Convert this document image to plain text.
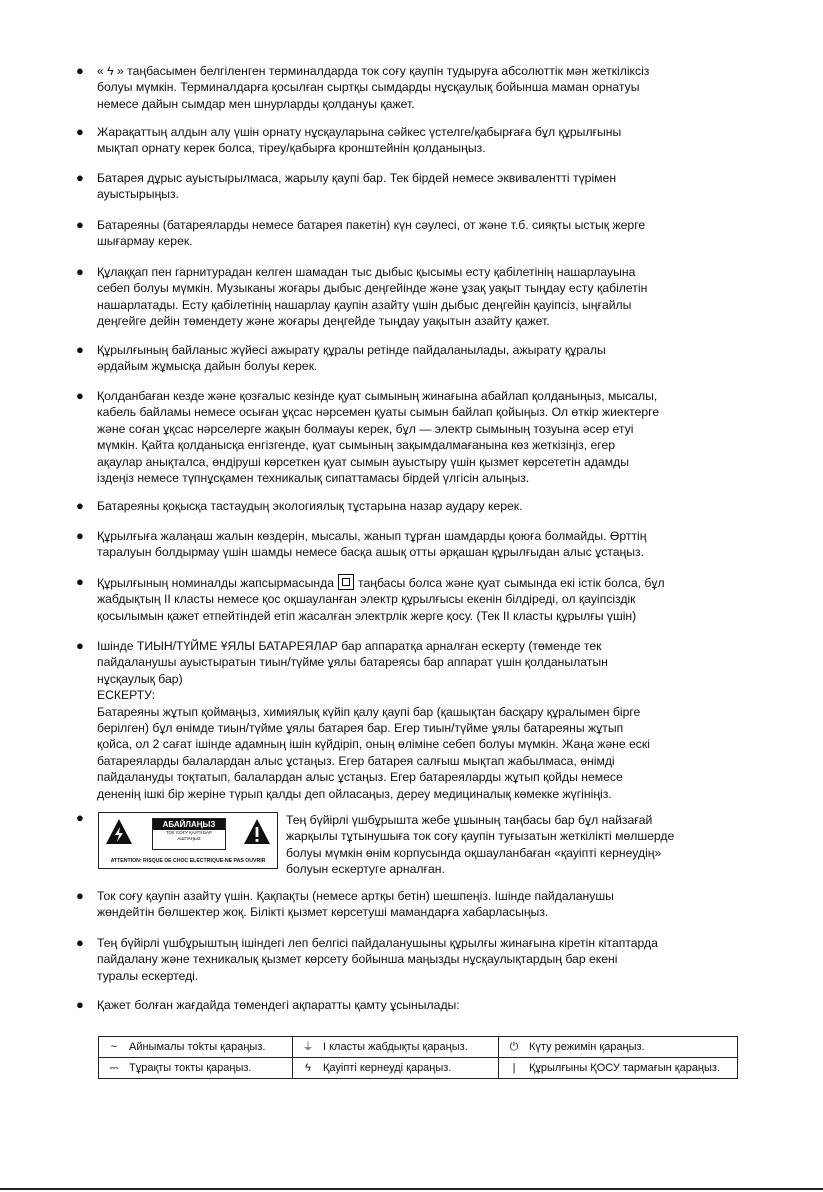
● « ϟ » таңбасымен белгіленген терминалдарда ток соғу қаупін тудыруға абсолюттік мән жеткіліксіз
болуы мүмкін. Терминалдарға қосылған сыртқы сымдарды нұсқаулық бойынша маман орнатуы
немесе дайын сымдар мен шнурларды қолдануы қажет.
● Жарақаттың алдын алу үшін орнату нұсқауларына сәйкес үстелге/қабырғаға бұл құрылғыны
мықтап орнату керек болса, тіреу/қабырға кронштейнін қолданыңыз.
● Батарея дұрыс ауыстырылмаса, жарылу қаупі бар. Тек бірдей немесе эквивалентті түрімен
ауыстырыңыз.
● Батареяны (батареяларды немесе батарея пакетін) күн сәулесі, от және т.б. сияқты ыстық жерге
шығармау керек.
● Құлаққап пен гарнитурадан келген шамадан тыс дыбыс қысымы есту қабілетінің нашарлауына
себеп болуы мүмкін. Музыканы жоғары дыбыс деңгейінде және ұзақ уақыт тыңдау есту қабілетін
нашарлатады. Есту қабілетінің нашарлау қаупін азайту үшін дыбыс деңгейін қауіпсіз, ыңғайлы
деңгейге дейін төмендету және жоғары деңгейде тыңдау уақытын азайту қажет.
● Құрылғының байланыс жүйесі ажырату құралы ретінде пайдаланылады, ажырату құралы
әрдайым жұмысқа дайын болуы керек.
● Қолданбаған кезде және қозғалыс кезінде қуат сымының жинағына абайлап қолданыңыз, мысалы,
кабель байламы немесе осыған ұқсас нәрсемен қуаты сымын байлап қойыңыз. Ол өткір жиектерге
және соған ұқсас нәрселерге жақын болмауы керек, бұл — электр сымының тозуына әсер етуі
мүмкін. Қайта қолданысқа енгізгенде, қуат сымының зақымдалмағанына көз жеткізіңіз, егер
ақаулар анықталса, өндіруші көрсеткен қуат сымын ауыстыру үшін қызмет көрсететін адамды
іздеңіз немесе түпнұсқамен техникалық сипаттамасы бірдей үлгісін алыңыз.
● Батареяны қоқысқа тастаудың экологиялық тұстарына назар аудару керек.
● Құрылғыға жалаңаш жалын көздерін, мысалы, жанып тұрған шамдарды қоюға болмайды. Өрттің
таралуын болдырмау үшін шамды немесе басқа ашық отты әрқашан құрылғыдан алыс ұстаңыз.
● Құрылғының номиналды жапсырмасында таңбасы болса және қуат сымында екі істік болса, бұл
жабдықтың II класты немесе қос оқшауланған электр құрылғысы екенін білдіреді, ол қауіпсіздік
қосылымын қажет етпейтіндей етіп жасалған электрлік жерге қосу. (Тек II класты құрылғы үшін)
● Ішінде ТИЫН/ТҮЙМЕ ҰЯЛЫ БАТАРЕЯЛАР бар аппаратқа арналған ескерту (төменде тек
пайдаланушы ауыстыратын тиын/түйме ұялы батареясы бар аппарат үшін қолданылатын
нұсқаулық бар)
ЕСКЕРТУ:
Батареяны жұтып қоймаңыз, химиялық күйіп қалу қаупі бар (қашықтан басқару құралымен бірге
берілген) бұл өнімде тиын/түйме ұялы батарея бар. Егер тиын/түйме ұялы батареяны жұтып
қойса, ол 2 сағат ішінде адамның ішін күйдіріп, оның өліміне себеп болуы мүмкін. Жаңа және ескі
батареяларды балалардан алыс ұстаңыз. Егер батарея салғыш мықтап жабылмаса, өнімді
пайдалануды тоқтатып, балалардан алыс ұстаңыз. Егер батареяларды жұтып қойды немесе
дененің ішкі бір жеріне түрып қалды деп ойласаңыз, дереу медициналық көмекке жүгініңіз.
●	АБАЙЛАҢЫЗ
ТОК СОҒУ ҚАУПІ БАР
АШПАҢЫЗ
ATTENTION: RISQUE DE CHOC ELECTRIQUE-NE PAS OUVRIR
Тең бүйірлі үшбұрышта жебе ұшының таңбасы бар бұл найзағай
жарқылы тұтынушыға ток соғу қаупін туғызатын жеткілікті мөлшерде
болуы мүмкін өнім корпусында оқшауланбаған «қауіпті кернеудің»
болуын ескертуге арналған.
● Ток соғу қаупін азайту үшін. Қақпақты (немесе артқы бетін) шешпеңіз. Ішінде пайдаланушы
жөндейтін бөлшектер жоқ. Білікті қызмет көрсетуші мамандарға хабарласыңыз.
● Тең бүйірлі үшбұрыштың ішіндегі леп белгісі пайдаланушыны құрылғы жинағына кіретін кітаптарда
пайдалану және техникалық қызмет көрсету бойынша маңызды нұсқаулықтардың бар екені
туралы ескертеді.
● Қажет болған жағдайда төмендегі ақпаратты қамту ұсынылады:
~ Айнымалы тokты қараңыз.	⏚ I класты жабдықты қараңыз.	⏻ Күту режимін қараңыз.
⎓ Тұрақты токты қараңыз.	ϟ Қауіпті кернеуді қараңыз.	| Құрылғыны ҚОСУ тармағын қараңыз.
